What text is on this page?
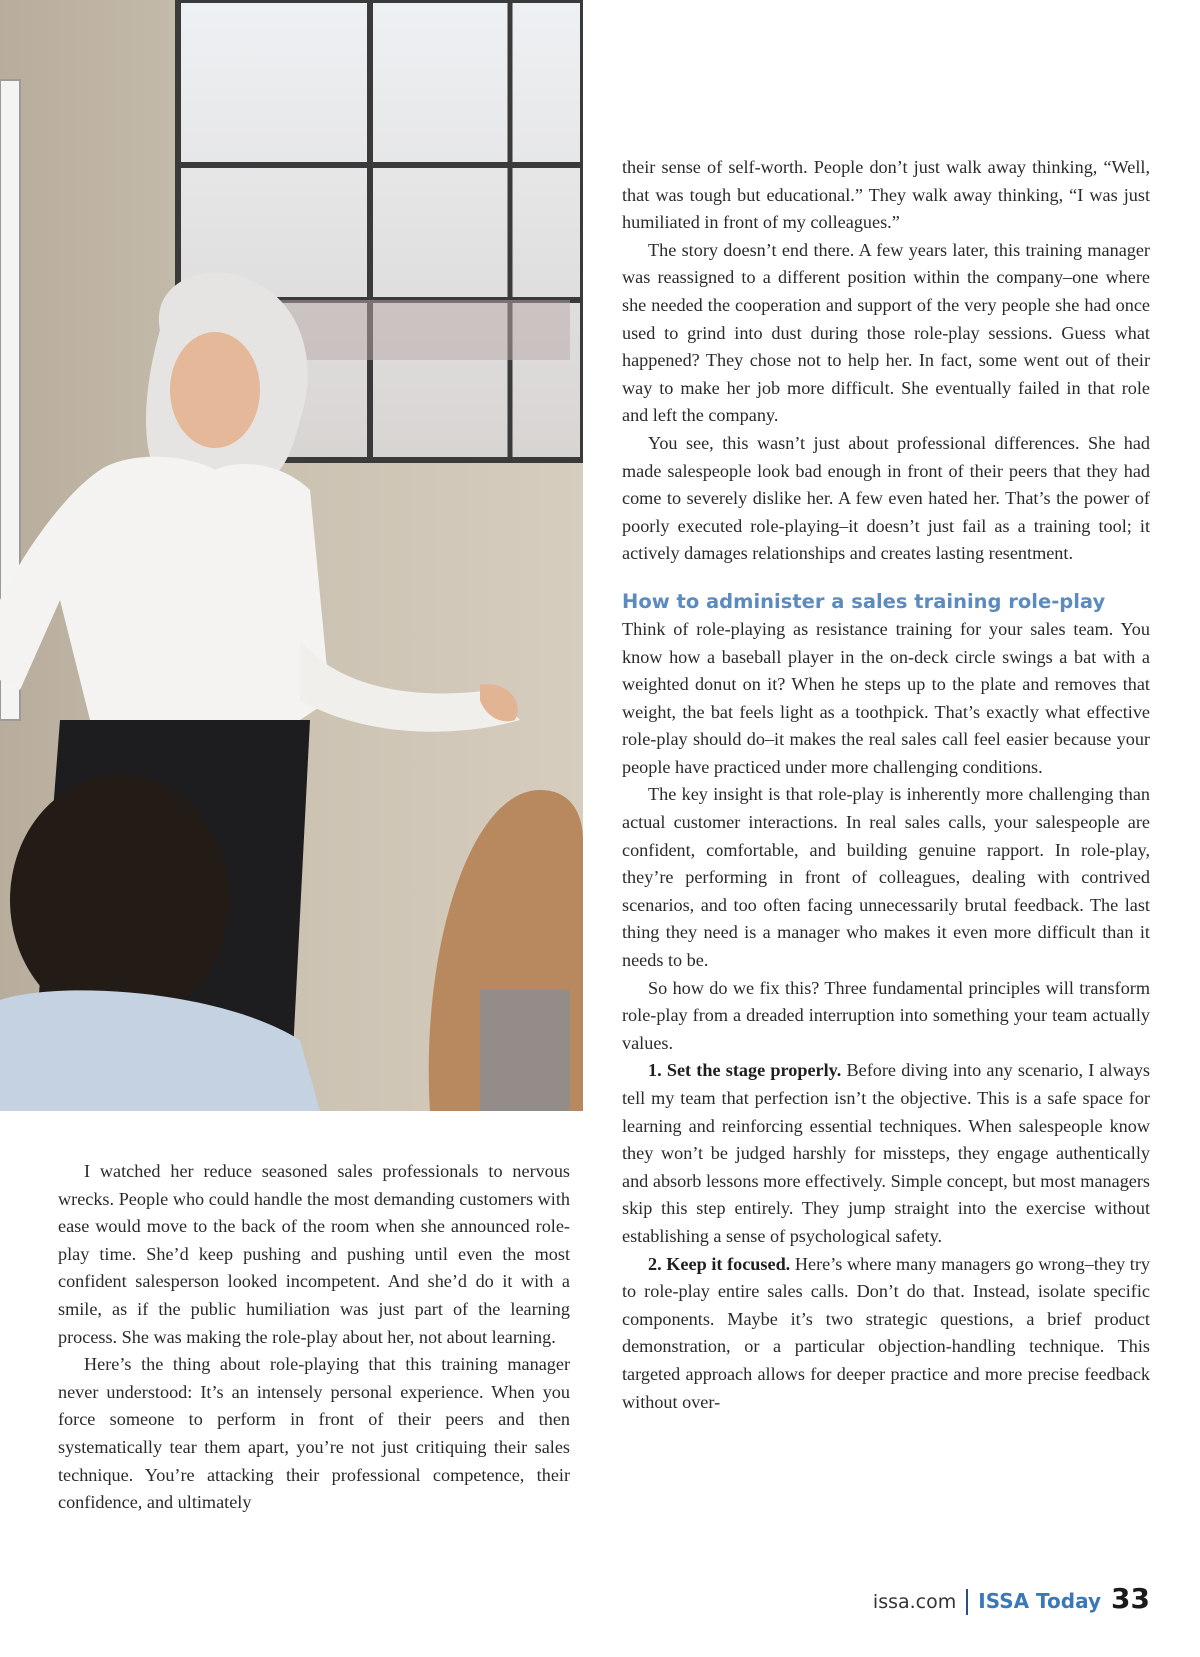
I watched her reduce seasoned sales professionals to nervous wrecks. People who could handle the most demanding customers with ease would move to the back of the room when she announced role-play time. She’d keep pushing and pushing until even the most confident salesperson looked incompetent. And she’d do it with a smile, as if the public humiliation was just part of the learning process. She was making the role-play about her, not about learning.

Here’s the thing about role-playing that this training manager never understood: It’s an intensely personal experience. When you force someone to perform in front of their peers and then systematically tear them apart, you’re not just critiquing their sales technique. You’re attacking their professional competence, their confidence, and ultimately

their sense of self-worth. People don’t just walk away thinking, “Well, that was tough but educational.” They walk away thinking, “I was just humiliated in front of my colleagues.”

The story doesn’t end there. A few years later, this training manager was reassigned to a different position within the company–one where she needed the cooperation and support of the very people she had once used to grind into dust during those role-play sessions. Guess what happened? They chose not to help her. In fact, some went out of their way to make her job more difficult. She eventually failed in that role and left the company.

You see, this wasn’t just about professional differences. She had made salespeople look bad enough in front of their peers that they had come to severely dislike her. A few even hated her. That’s the power of poorly executed role-playing–it doesn’t just fail as a training tool; it actively damages relationships and creates lasting resentment.

How to administer a sales training role-play

Think of role-playing as resistance training for your sales team. You know how a baseball player in the on-deck circle swings a bat with a weighted donut on it? When he steps up to the plate and removes that weight, the bat feels light as a toothpick. That’s exactly what effective role-play should do–it makes the real sales call feel easier because your people have practiced under more challenging conditions.

The key insight is that role-play is inherently more challenging than actual customer interactions. In real sales calls, your salespeople are confident, comfortable, and building genuine rapport. In role-play, they’re performing in front of colleagues, dealing with contrived scenarios, and too often facing unnecessarily brutal feedback. The last thing they need is a manager who makes it even more difficult than it needs to be.

So how do we fix this? Three fundamental principles will transform role-play from a dreaded interruption into something your team actually values.

1. Set the stage properly. Before diving into any scenario, I always tell my team that perfection isn’t the objective. This is a safe space for learning and reinforcing essential techniques. When salespeople know they won’t be judged harshly for missteps, they engage authentically and absorb lessons more effectively. Simple concept, but most managers skip this step entirely. They jump straight into the exercise without establishing a sense of psychological safety.

2. Keep it focused. Here’s where many managers go wrong–they try to role-play entire sales calls. Don’t do that. Instead, isolate specific components. Maybe it’s two strategic questions, a brief product demonstration, or a particular objection-handling technique. This targeted approach allows for deeper practice and more precise feedback without over-

issa.com ISSA Today 33
